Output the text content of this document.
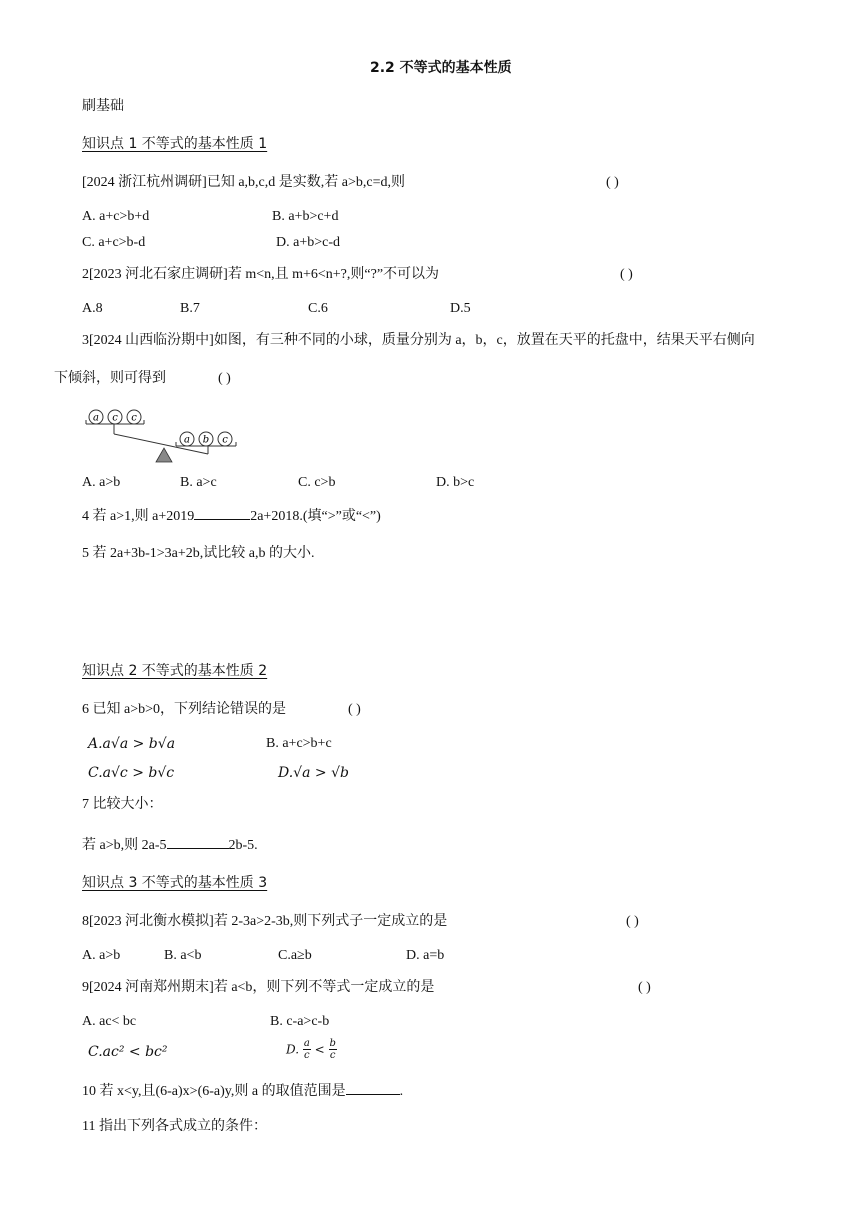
2.2 不等式的基本性质
刷基础
知识点 1 不等式的基本性质 1
[2024 浙江杭州调研]已知 a,b,c,d 是实数,若 a>b,c=d,则	( )
A. a+c>b+d	B. a+b>c+d
C. a+c>b-d	D. a+b>c-d
2[2023 河北石家庄调研]若 m<n,且 m+6<n+?,则“?”不可以为	( )
A.8	B.7	C.6	D.5
3[2024 山西临汾期中]如图，有三种不同的小球，质量分别为 a，b，c，放置在天平的托盘中，结果天平右侧向
下倾斜，则可得到	( )
a c c
a b c
A. a>b	B. a>c	C. c>b	D. b>c
4 若 a>1,则 a+2019	2a+2018.(填“>”或“<”)
5 若 2a+3b-1>3a+2b,试比较 a,b 的大小.
知识点 2 不等式的基本性质 2
6 已知 a>b>0，下列结论错误的是	( )
A.a√a > b√a	B. a+c>b+c
C.a√c > b√c	D.√a > √b
7 比较大小：
若 a>b,则 2a-5	2b-5.
知识点 3 不等式的基本性质 3
8[2023 河北衡水模拟]若 2-3a>2-3b,则下列式子一定成立的是	( )
A. a>b	B. a<b	C.a≥b	D. a=b
9[2024 河南郑州期末]若 a<b，则下列不等式一定成立的是	( )
A. ac< bc	B. c-a>c-b
C.ac² < bc²	D. $\frac{a}{c} < \frac{b}{c}$
10 若 x<y,且(6-a)x>(6-a)y,则 a 的取值范围是	.
11 指出下列各式成立的条件：
